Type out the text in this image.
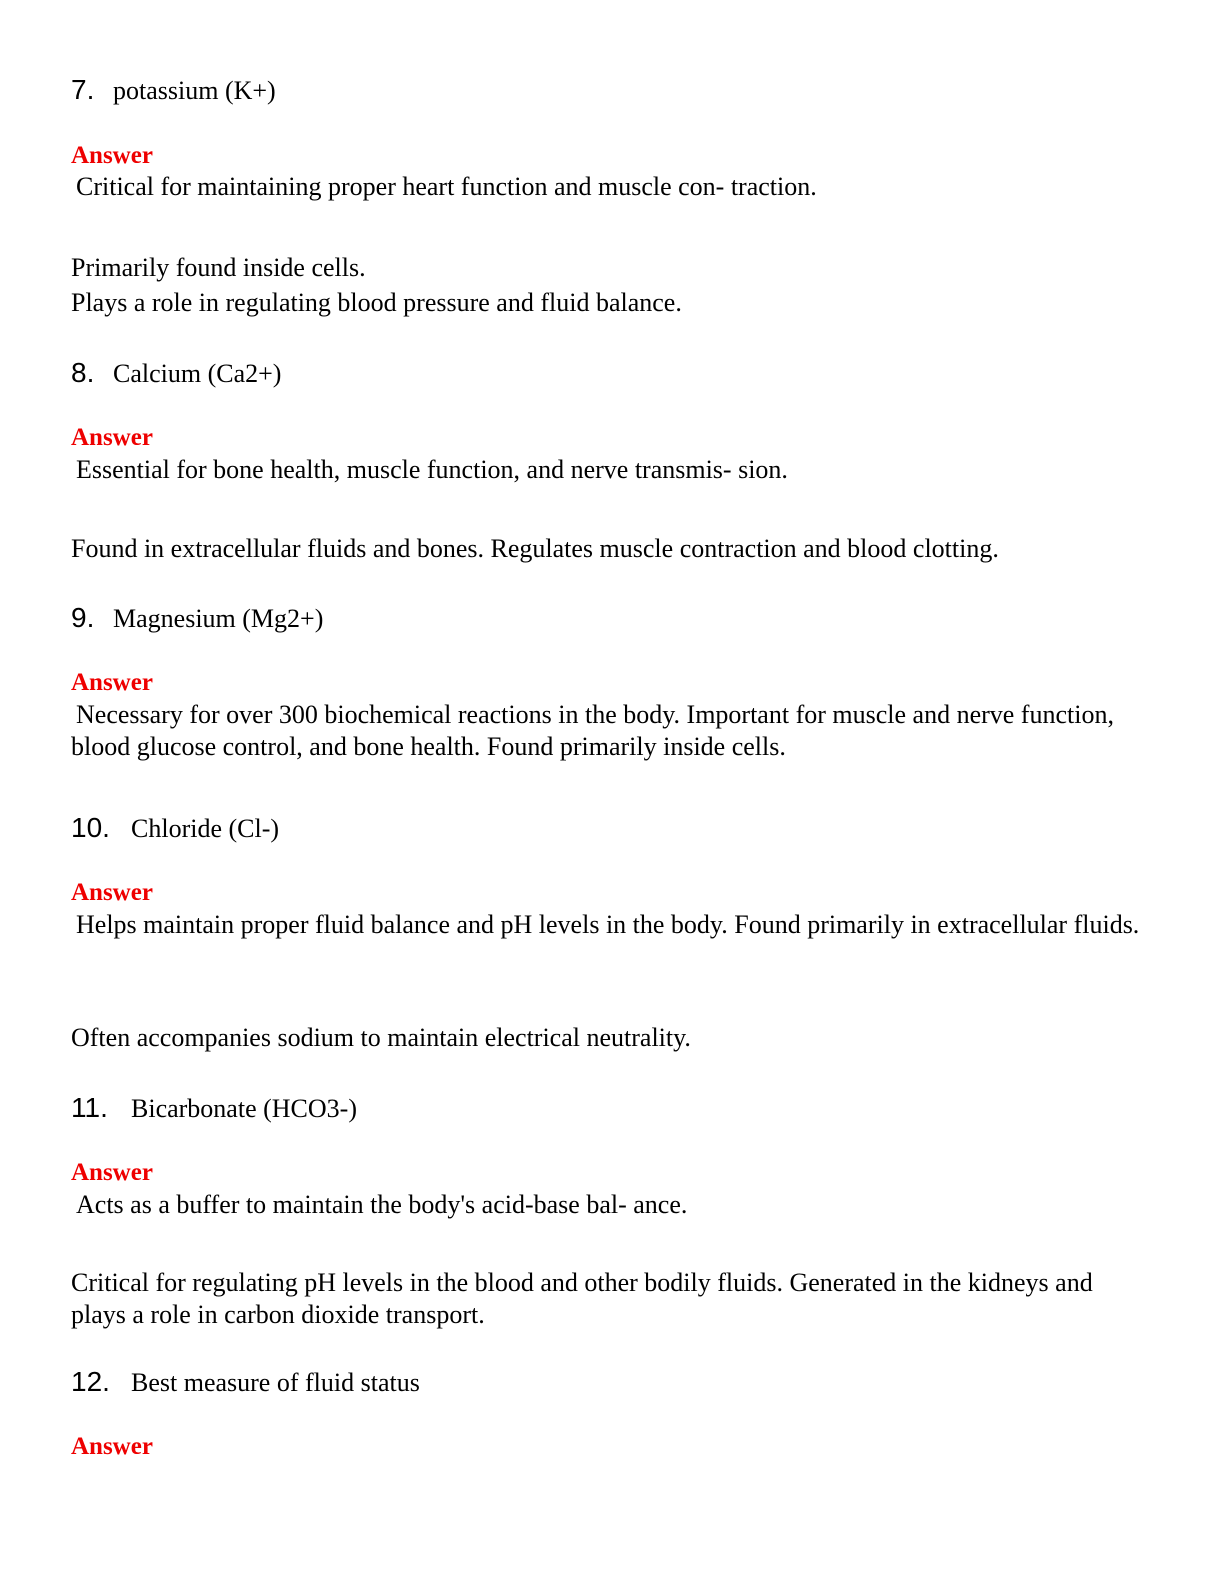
7. potassium (K+)
Answer

Critical for maintaining proper heart function and muscle con- traction.

Primarily found inside cells.

Plays a role in regulating blood pressure and fluid balance.

8. Calcium (Ca2+)
Answer

Essential for bone health, muscle function, and nerve transmis- sion.

Found in extracellular fluids and bones. Regulates muscle contraction and blood clotting.

9. Magnesium (Mg2+)
Answer

Necessary for over 300 biochemical reactions in the body. Important for muscle and nerve function, blood glucose control, and bone health. Found primarily inside cells.

10. Chloride (Cl-)
Answer

Helps maintain proper fluid balance and pH levels in the body. Found primarily in extracellular fluids.

Often accompanies sodium to maintain electrical neutrality.

11. Bicarbonate (HCO3-)
Answer

Acts as a buffer to maintain the body's acid-base bal- ance.

Critical for regulating pH levels in the blood and other bodily fluids. Generated in the kidneys and plays a role in carbon dioxide transport.

12. Best measure of fluid status
Answer
